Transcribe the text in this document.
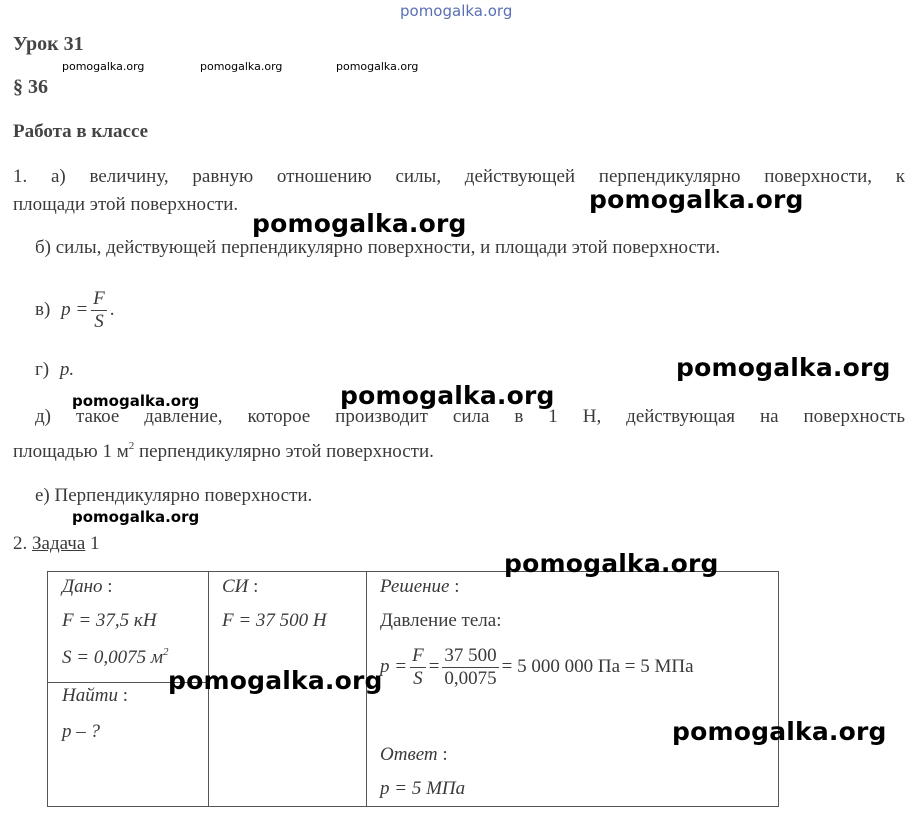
pomogalka.org
pomogalka.org	pomogalka.org	pomogalka.org
Урок 31
§ 36
Работа в классе
1. а) величину, равную отношению силы, действующей перпендикулярно поверхности, к
площади этой поверхности.
б) силы, действующей перпендикулярно поверхности, и площади этой поверхности.
в) $p = \frac{F}{S}$ .
г) p.
pomogalka.org
д) такое давление, которое производит сила в 1 Н, действующая на поверхность
площадью 1 $м^2$ перпендикулярно этой поверхности.
е) Перпендикулярно поверхности.
pomogalka.org
2. Задача 1
Дано :
F = 37,5 кН
S = 0,0075 $м^2$
Найти :
p – ?
СИ :
F = 37 500 Н
Решение :
Давление тела:
$p = \frac{F}{S} = \frac{37 500}{0,0075} = 5$ 000 000 Па = 5 МПа
Ответ :
p = 5 МПа
pomogalka.org
pomogalka.org
pomogalka.org
pomogalka.org
pomogalka.org
pomogalka.org
pomogalka.org
